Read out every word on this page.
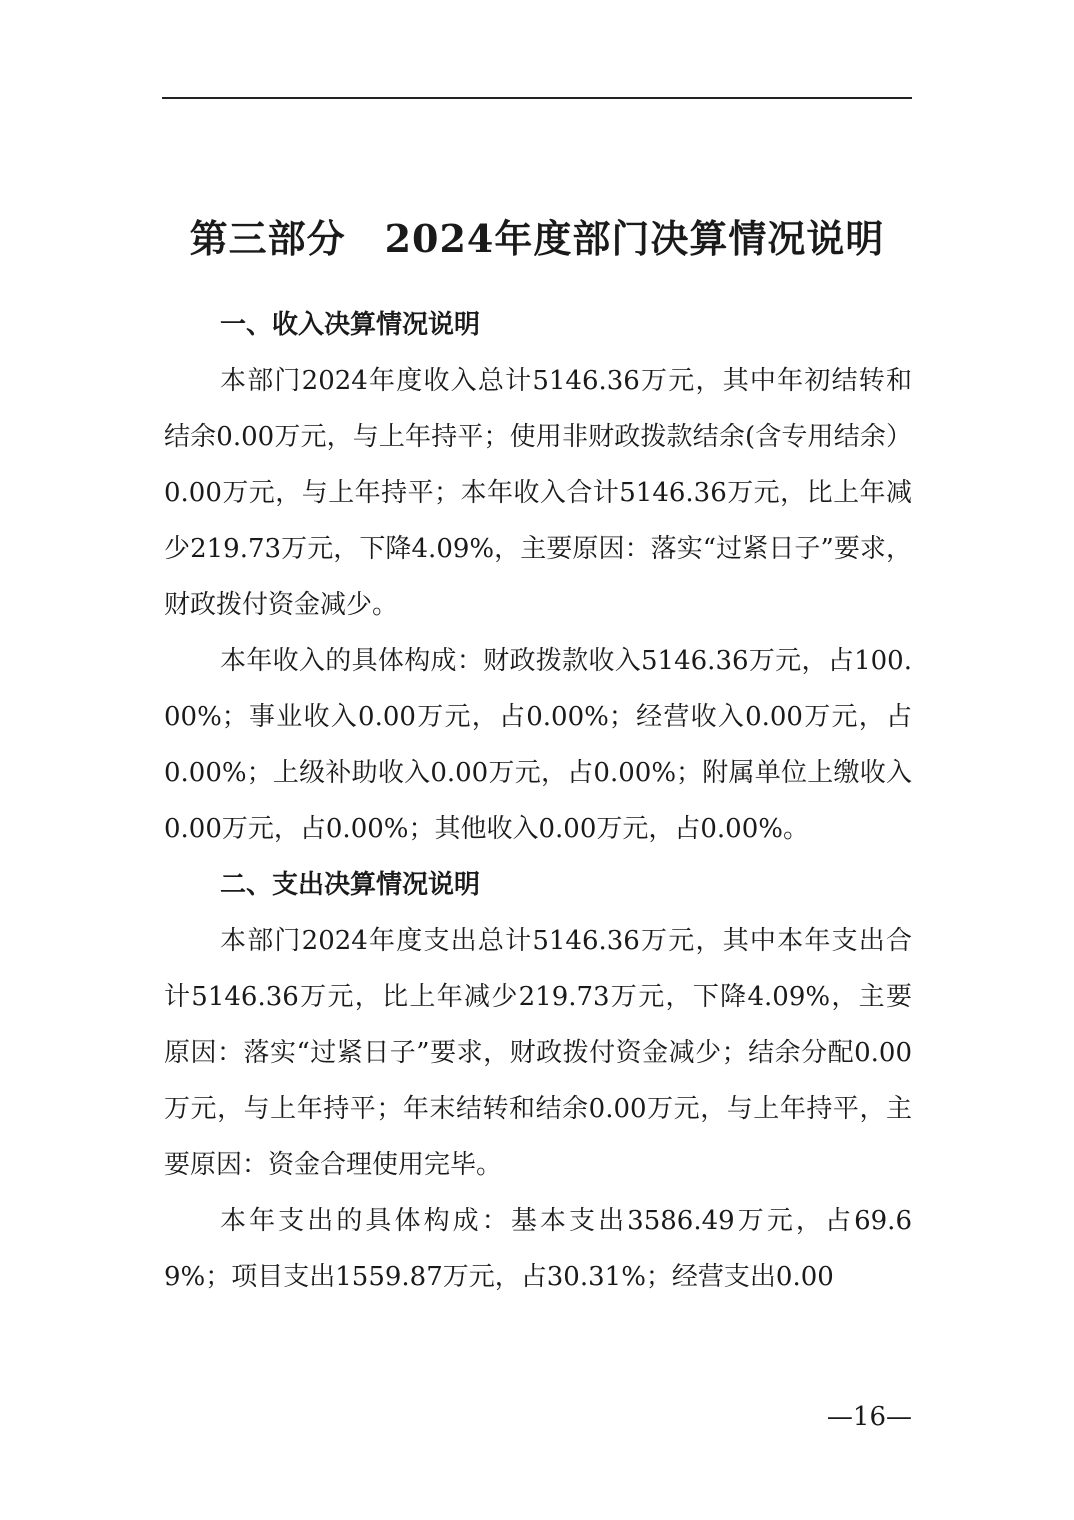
第三部分　2024年度部门决算情况说明
一、收入决算情况说明

本部门2024年度收入总计5146.36万元，其中年初结转和结余0.00万元，与上年持平；使用非财政拨款结余(含专用结余）0.00万元，与上年持平；本年收入合计5146.36万元，比上年减少219.73万元，下降4.09%，主要原因：落实“过紧日子”要求，财政拨付资金减少。

本年收入的具体构成：财政拨款收入5146.36万元，占100.00%；事业收入0.00万元，占0.00%；经营收入0.00万元，占0.00%；上级补助收入0.00万元，占0.00%；附属单位上缴收入0.00万元，占0.00%；其他收入0.00万元，占0.00%。

二、支出决算情况说明

本部门2024年度支出总计5146.36万元，其中本年支出合计5146.36万元，比上年减少219.73万元，下降4.09%，主要原因：落实“过紧日子”要求，财政拨付资金减少；结余分配0.00万元，与上年持平；年末结转和结余0.00万元，与上年持平，主要原因：资金合理使用完毕。

本年支出的具体构成：基本支出3586.49万元，占69.69%；项目支出1559.87万元，占30.31%；经营支出0.00

—16—
